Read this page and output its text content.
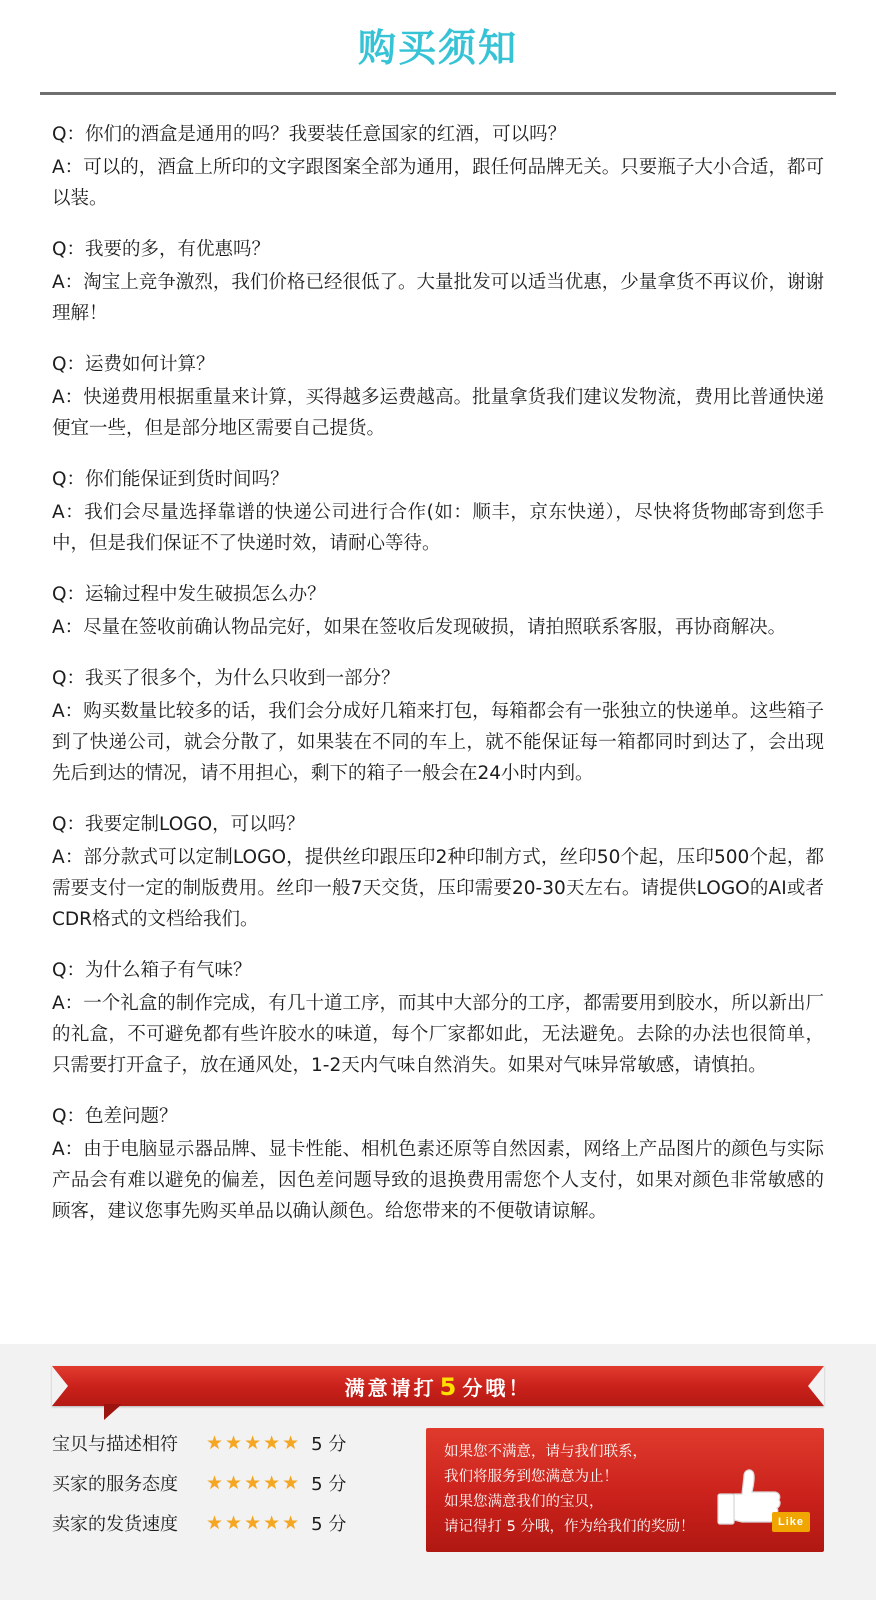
购买须知
Q：你们的酒盒是通用的吗？我要装任意国家的红酒，可以吗？
A：可以的，酒盒上所印的文字跟图案全部为通用，跟任何品牌无关。只要瓶子大小合适，都可以装。
Q：我要的多，有优惠吗？
A：淘宝上竞争激烈，我们价格已经很低了。大量批发可以适当优惠，少量拿货不再议价，谢谢理解！
Q：运费如何计算？
A：快递费用根据重量来计算，买得越多运费越高。批量拿货我们建议发物流，费用比普通快递便宜一些，但是部分地区需要自己提货。
Q：你们能保证到货时间吗？
A：我们会尽量选择靠谱的快递公司进行合作(如：顺丰，京东快递），尽快将货物邮寄到您手中，但是我们保证不了快递时效，请耐心等待。
Q：运输过程中发生破损怎么办？
A：尽量在签收前确认物品完好，如果在签收后发现破损，请拍照联系客服，再协商解决。
Q：我买了很多个，为什么只收到一部分？
A：购买数量比较多的话，我们会分成好几箱来打包，每箱都会有一张独立的快递单。这些箱子到了快递公司，就会分散了，如果装在不同的车上，就不能保证每一箱都同时到达了，会出现先后到达的情况，请不用担心，剩下的箱子一般会在24小时内到。
Q：我要定制LOGO，可以吗？
A：部分款式可以定制LOGO，提供丝印跟压印2种印制方式，丝印50个起，压印500个起，都需要支付一定的制版费用。丝印一般7天交货，压印需要20-30天左右。请提供LOGO的AI或者CDR格式的文档给我们。
Q：为什么箱子有气味？
A：一个礼盒的制作完成，有几十道工序，而其中大部分的工序，都需要用到胶水，所以新出厂的礼盒，不可避免都有些许胶水的味道，每个厂家都如此，无法避免。去除的办法也很简单，只需要打开盒子，放在通风处，1-2天内气味自然消失。如果对气味异常敏感，请慎拍。
Q：色差问题？
A：由于电脑显示器品牌、显卡性能、相机色素还原等自然因素，网络上产品图片的颜色与实际产品会有难以避免的偏差，因色差问题导致的退换费用需您个人支付，如果对颜色非常敏感的顾客，建议您事先购买单品以确认颜色。给您带来的不便敬请谅解。
满意请打 5 分哦！
宝贝与描述相符	★★★★★ 5 分
买家的服务态度	★★★★★ 5 分
卖家的发货速度	★★★★★ 5 分
如果您不满意，请与我们联系，
我们将服务到您满意为止！
如果您满意我们的宝贝，
请记得打 5 分哦，作为给我们的奖励！	Like
